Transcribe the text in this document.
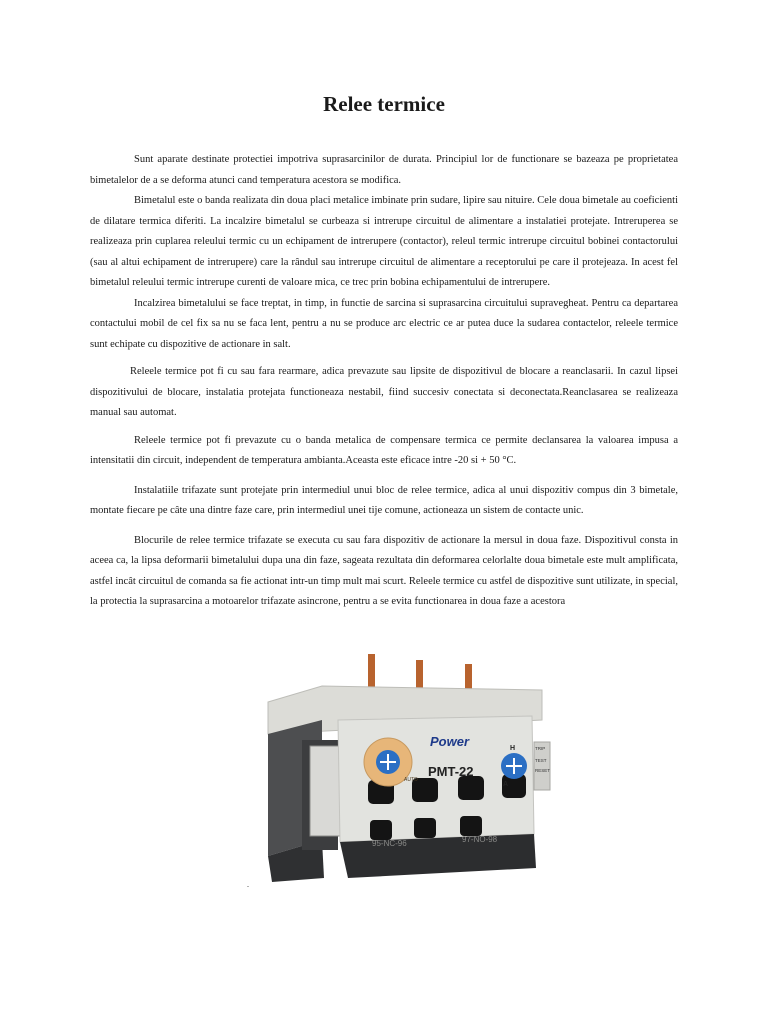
Relee termice

Sunt aparate destinate protectiei impotriva suprasarcinilor de durata. Principiul lor de functionare se bazeaza pe proprietatea bimetalelor de a se deforma atunci cand temperatura acestora se modifica.

Bimetalul este o banda realizata din doua placi metalice imbinate prin sudare, lipire sau nituire. Cele doua bimetale au coeficienti de dilatare termica diferiti. La incalzire bimetalul se curbeaza si intrerupe circuitul de alimentare a instalatiei protejate. Intreruperea se realizeaza prin cuplarea releului termic cu un echipament de intrerupere (contactor), releul termic intrerupe circuitul bobinei contactorului (sau al altui echipament de intrerupere) care la rândul sau intrerupe circuitul de alimentare a receptorului pe care il protejeaza. In acest fel bimetalul releului termic intrerupe curenti de valoare mica, ce trec prin bobina echipamentului de intrerupere.

Incalzirea bimetalului se face treptat, in timp, in functie de sarcina si suprasarcina circuitului supravegheat. Pentru ca departarea contactului mobil de cel fix sa nu se faca lent, pentru a nu se produce arc electric ce ar putea duce la sudarea contactelor, releele termice sunt echipate cu dispozitive de actionare in salt.

Releele termice pot fi cu sau fara rearmare, adica prevazute sau lipsite de dispozitivul de blocare a reanclasarii. In cazul lipsei dispozitivului de blocare, instalatia protejata functioneaza nestabil, fiind succesiv conectata si deconectata.Reanclasarea se realizeaza manual sau automat.

Releele termice pot fi prevazute cu o banda metalica de compensare termica ce permite declansarea la valoarea impusa a intensitatii din circuit, independent de temperatura ambianta.Aceasta este eficace intre -20 si + 50 °C.

Instalatiile trifazate sunt protejate prin intermediul unui bloc de relee termice, adica al unui dispozitiv compus din 3 bimetale, montate fiecare pe câte una dintre faze care, prin intermediul unei tije comune, actioneaza un sistem de contacte unic.

Blocurile de relee termice trifazate se executa cu sau fara dispozitiv de actionare la mersul in doua faze. Dispozitivul consta in aceea ca, la lipsa deformarii bimetalului dupa una din faze, sageata rezultata din deformarea celorlalte doua bimetale este mult amplificata, astfel incât circuitul de comanda sa fie actionat intr-un timp mult mai scurt. Releele termice cu astfel de dispozitive sunt utilizate, in special, la protectia la suprasarcina a motoarelor trifazate asincrone, pentru a se evita functionarea in doua faze a acestora

Power
PMT-22
95-NC-96	97-NO-98
AUTO
H
A
TRIP
TEST
RESET
.
